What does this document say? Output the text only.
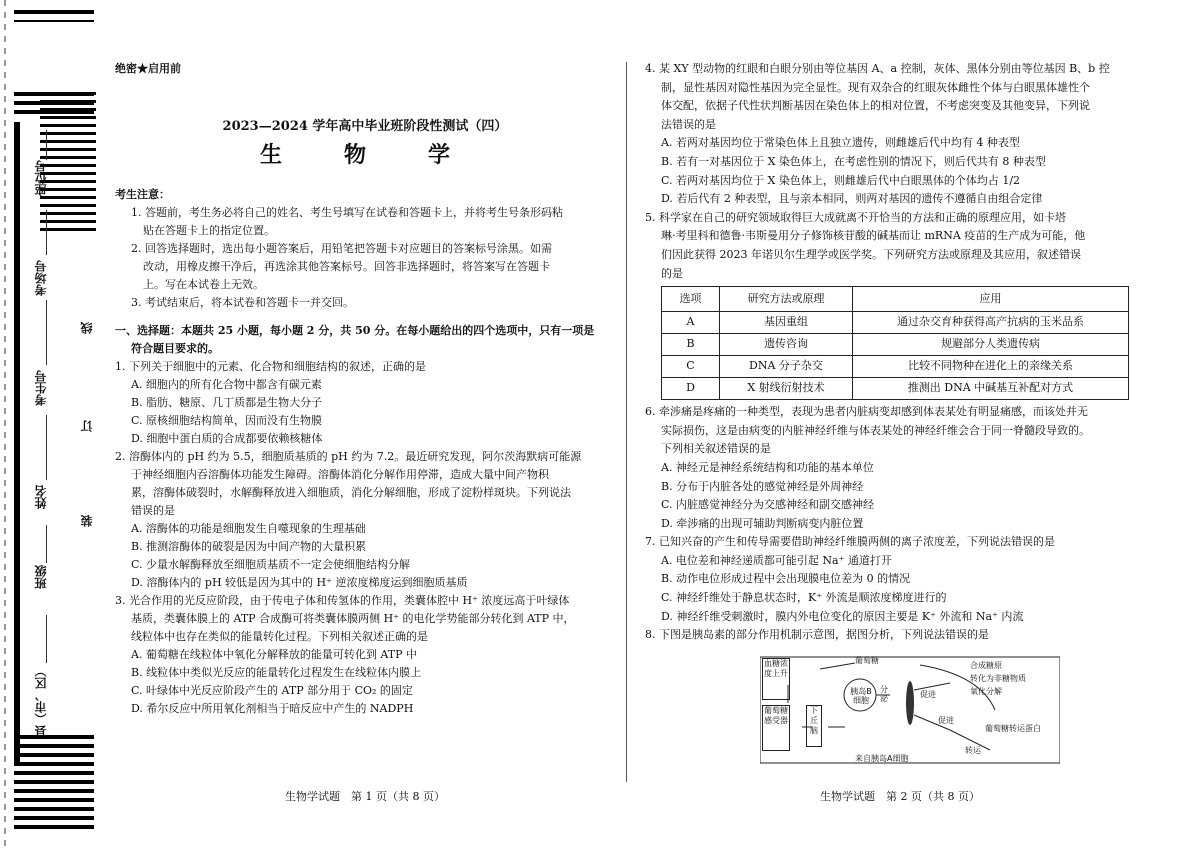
座位号
考场号
考生号
姓名
班级
县（市、区）
线
订
装

绝密★启用前

2023—2024 学年高中毕业班阶段性测试（四）

生　物　学

考生注意：

1. 答题前，考生务必将自己的姓名、考生号填写在试卷和答题卡上，并将考生号条形码粘

贴在答题卡上的指定位置。

2. 回答选择题时，选出每小题答案后，用铅笔把答题卡对应题目的答案标号涂黑。如需

改动，用橡皮擦干净后，再选涂其他答案标号。回答非选择题时，将答案写在答题卡

上。写在本试卷上无效。

3. 考试结束后，将本试卷和答题卡一并交回。

一、选择题：本题共 25 小题，每小题 2 分，共 50 分。在每小题给出的四个选项中，只有一项是

符合题目要求的。

1. 下列关于细胞中的元素、化合物和细胞结构的叙述，正确的是

A. 细胞内的所有化合物中都含有碳元素

B. 脂肪、糖原、几丁质都是生物大分子

C. 原核细胞结构简单，因而没有生物膜

D. 细胞中蛋白质的合成都要依赖核糖体

2. 溶酶体内的 pH 约为 5.5，细胞质基质的 pH 约为 7.2。最近研究发现，阿尔茨海默病可能源

于神经细胞内吞溶酶体功能发生障碍。溶酶体消化分解作用停滞，造成大量中间产物积

累，溶酶体破裂时，水解酶释放进入细胞质，消化分解细胞，形成了淀粉样斑块。下列说法

错误的是

A. 溶酶体的功能是细胞发生自噬现象的生理基础

B. 推测溶酶体的破裂是因为中间产物的大量积累

C. 少量水解酶释放至细胞质基质不一定会使细胞结构分解

D. 溶酶体内的 pH 较低是因为其中的 H⁺ 逆浓度梯度运到细胞质基质

3. 光合作用的光反应阶段，由于传电子体和传氢体的作用，类囊体腔中 H⁺ 浓度远高于叶绿体

基质，类囊体膜上的 ATP 合成酶可将类囊体膜两侧 H⁺ 的电化学势能部分转化到 ATP 中，

线粒体中也存在类似的能量转化过程。下列相关叙述正确的是

A. 葡萄糖在线粒体中氧化分解释放的能量可转化到 ATP 中

B. 线粒体中类似光反应的能量转化过程发生在线粒体内膜上

C. 叶绿体中光反应阶段产生的 ATP 部分用于 CO₂ 的固定

D. 希尔反应中所用氧化剂相当于暗反应中产生的 NADPH

生物学试题　第 1 页（共 8 页）

4. 某 XY 型动物的红眼和白眼分别由等位基因 A、a 控制，灰体、黑体分别由等位基因 B、b 控

制，显性基因对隐性基因为完全显性。现有双杂合的红眼灰体雌性个体与白眼黑体雄性个

体交配，依据子代性状判断基因在染色体上的相对位置，不考虑突变及其他变异，下列说

法错误的是

A. 若两对基因均位于常染色体上且独立遗传，则雌雄后代中均有 4 种表型

B. 若有一对基因位于 X 染色体上，在考虑性别的情况下，则后代共有 8 种表型

C. 若两对基因均位于 X 染色体上，则雌雄后代中白眼黑体的个体均占 1/2

D. 若后代有 2 种表型，且与亲本相同，则两对基因的遗传不遵循自由组合定律

5. 科学家在自己的研究领域取得巨大成就离不开恰当的方法和正确的原理应用，如卡塔

琳·考里科和德鲁·韦斯曼用分子修饰核苷酸的碱基而让 mRNA 疫苗的生产成为可能，他

们因此获得 2023 年诺贝尔生理学或医学奖。下列研究方法或原理及其应用，叙述错误

的是

选项	研究方法或原理	应用
A	基因重组	通过杂交育种获得高产抗病的玉米品系
B	遗传咨询	规避部分人类遗传病
C	DNA 分子杂交	比较不同物种在进化上的亲缘关系
D	X 射线衍射技术	推测出 DNA 中碱基互补配对方式

6. 牵涉痛是疼痛的一种类型，表现为患者内脏病变却感到体表某处有明显痛感，而该处并无

实际损伤，这是由病变的内脏神经纤维与体表某处的神经纤维会合于同一脊髓段导致的。

下列相关叙述错误的是

A. 神经元是神经系统结构和功能的基本单位

B. 分布于内脏各处的感觉神经是外周神经

C. 内脏感觉神经分为交感神经和副交感神经

D. 牵涉痛的出现可辅助判断病变内脏位置

7. 已知兴奋的产生和传导需要借助神经纤维膜两侧的离子浓度差，下列说法错误的是

A. 电位差和神经递质都可能引起 Na⁺ 通道打开

B. 动作电位形成过程中会出现膜电位差为 0 的情况

C. 神经纤维处于静息状态时，K⁺ 外流是顺浓度梯度进行的

D. 神经纤维受刺激时，膜内外电位变化的原因主要是 K⁺ 外流和 Na⁺ 内流

8. 下图是胰岛素的部分作用机制示意图，据图分析，下列说法错误的是

血糖浓度上升
葡萄糖感受器
下丘脑
葡萄糖
胰岛B细胞
分泌	促进
促进
合成糖原
转化为非糖物质
氧化分解
葡萄糖转运蛋白
转运
来自胰岛A细胞
生物学试题　第 2 页（共 8 页）
